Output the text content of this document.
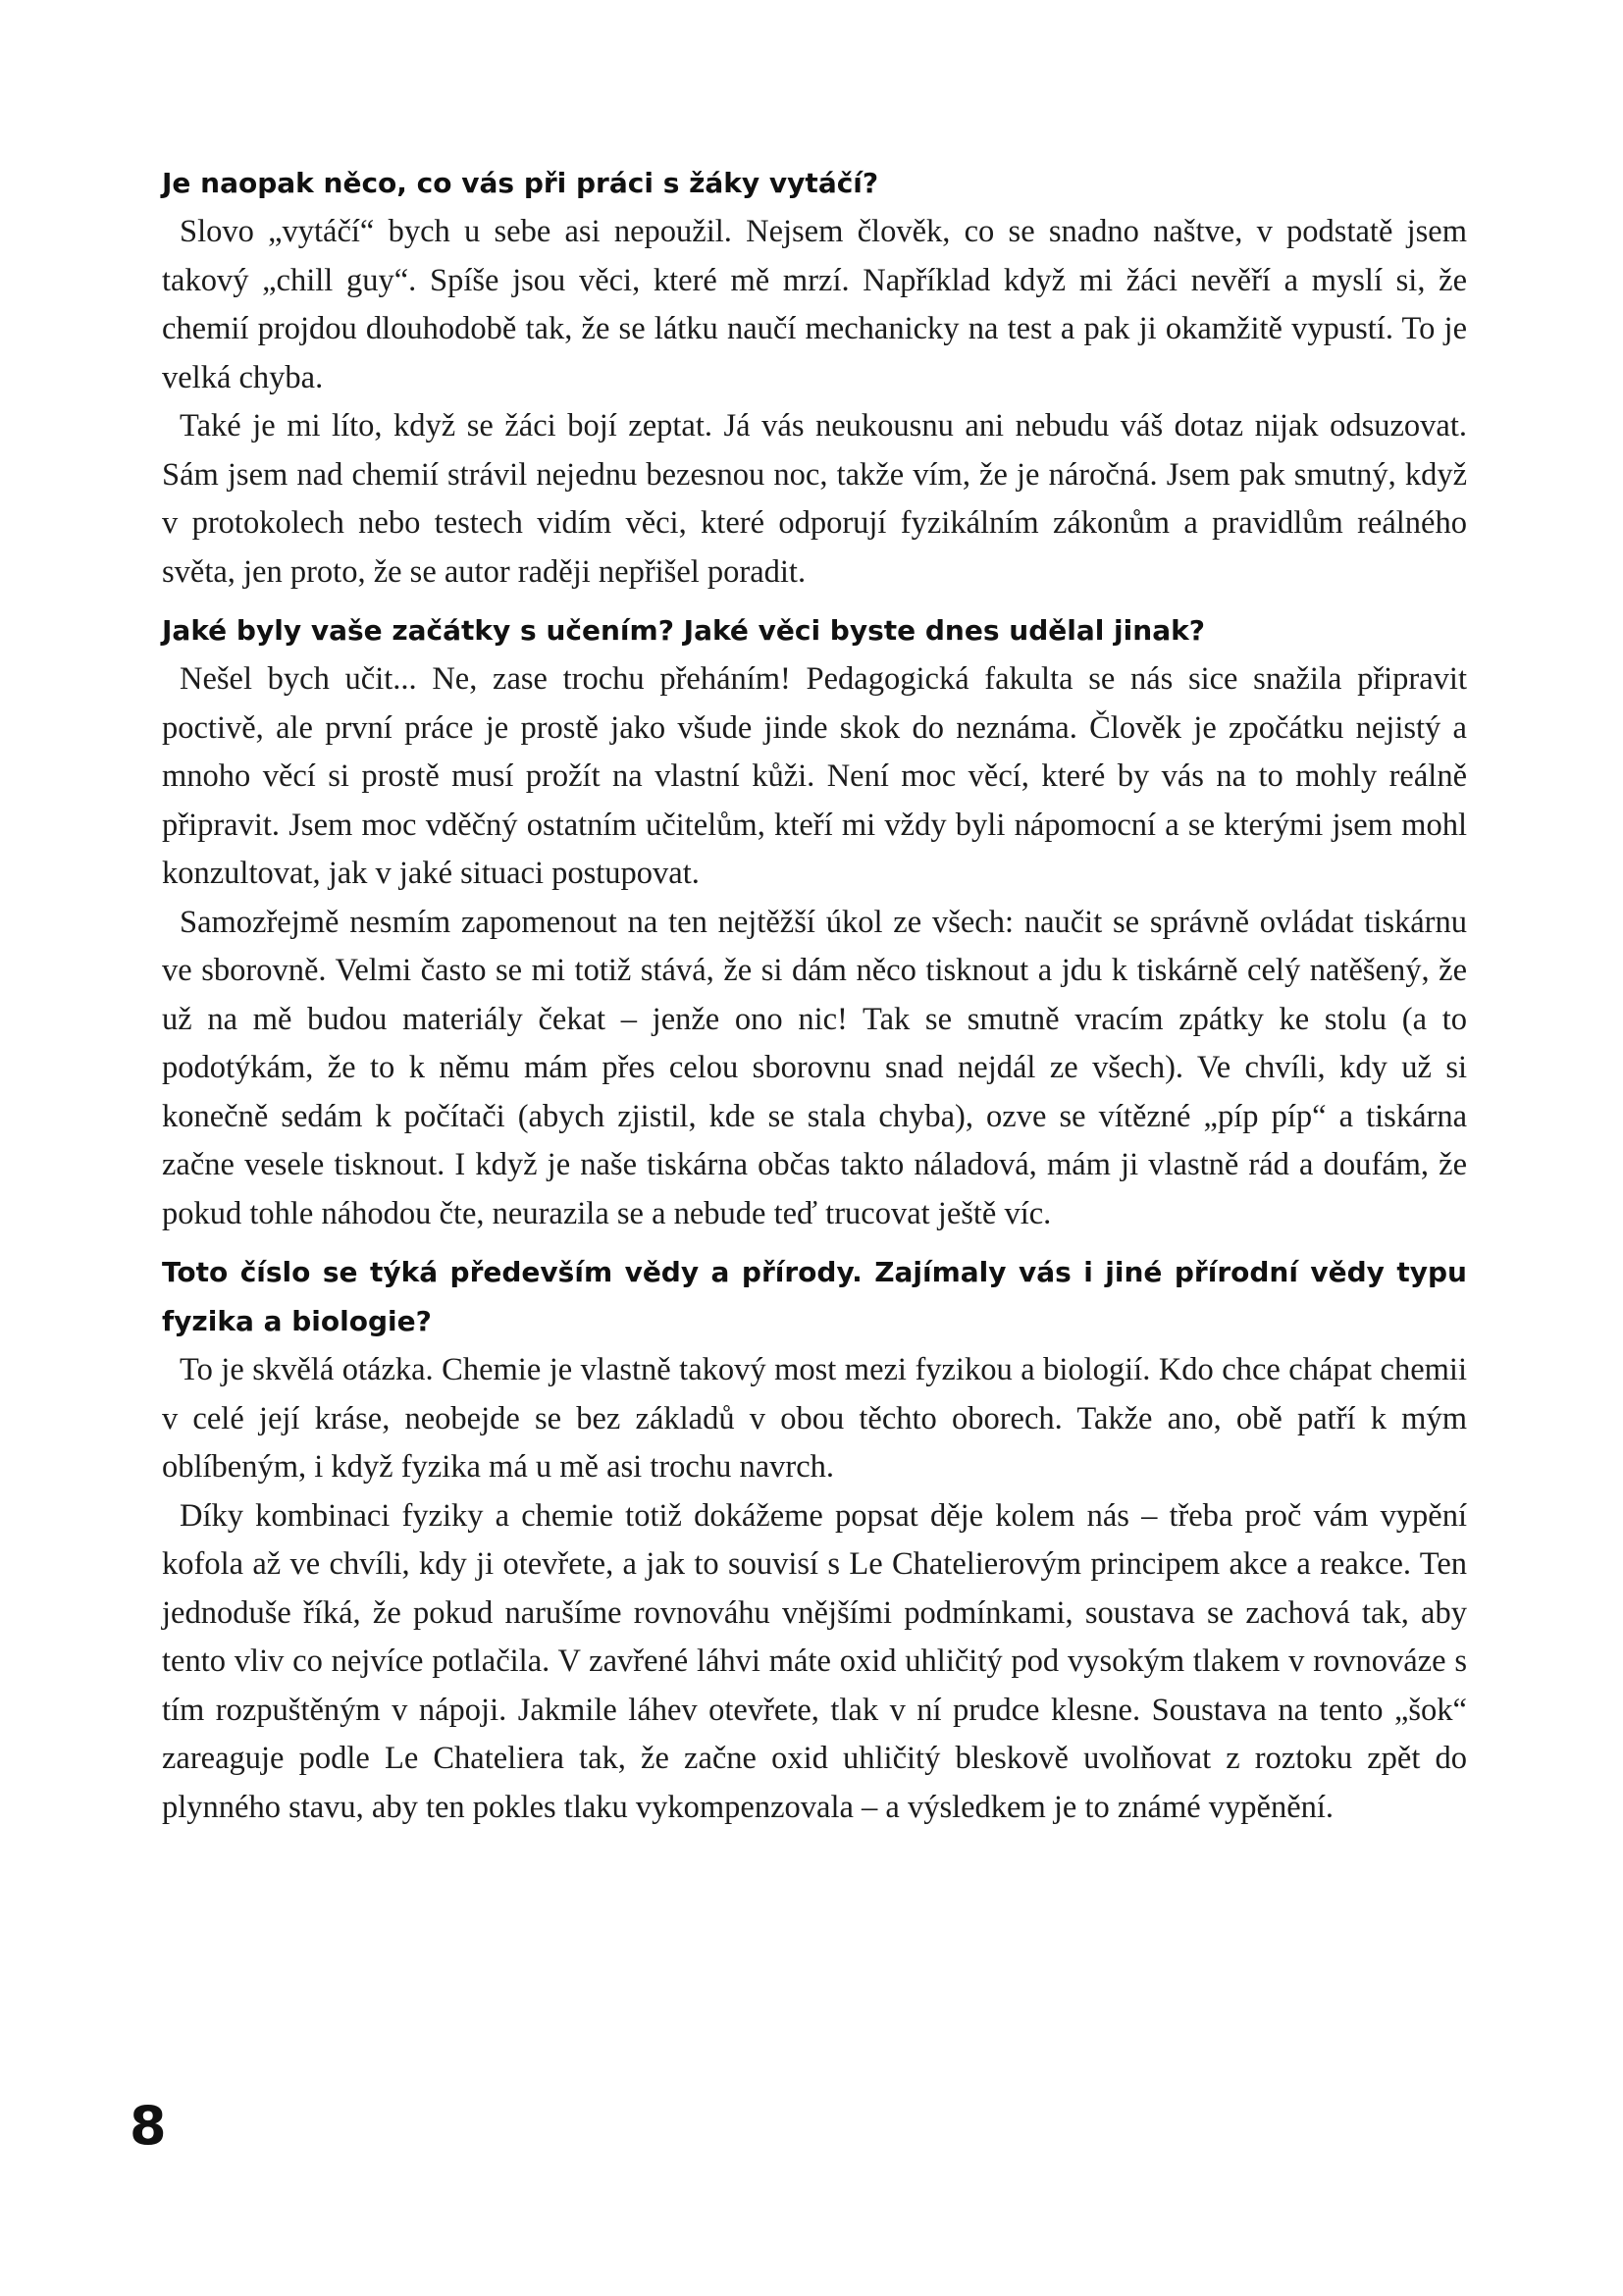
Je naopak něco, co vás při práci s žáky vytáčí?

Slovo „vytáčí“ bych u sebe asi nepoužil. Nejsem člověk, co se snadno naštve, v podstatě jsem takový „chill guy“. Spíše jsou věci, které mě mrzí. Například když mi žáci nevěří a myslí si, že chemií projdou dlouhodobě tak, že se látku naučí mechanicky na test a pak ji okamžitě vypustí. To je velká chyba.

Také je mi líto, když se žáci bojí zeptat. Já vás neukousnu ani nebudu váš dotaz nijak odsuzovat. Sám jsem nad chemií strávil nejednu bezesnou noc, takže vím, že je náročná. Jsem pak smutný, když v protokolech nebo testech vidím věci, které odporují fyzikálním zákonům a pravidlům reálného světa, jen proto, že se autor raději nepřišel poradit.

Jaké byly vaše začátky s učením? Jaké věci byste dnes udělal jinak?

Nešel bych učit... Ne, zase trochu přeháním! Pedagogická fakulta se nás sice snažila připravit poctivě, ale první práce je prostě jako všude jinde skok do neznáma. Člověk je zpočátku nejistý a mnoho věcí si prostě musí prožít na vlastní kůži. Není moc věcí, které by vás na to mohly reálně připravit. Jsem moc vděčný ostatním učitelům, kteří mi vždy byli nápomocní a se kterými jsem mohl konzultovat, jak v jaké situaci postupovat.

Samozřejmě nesmím zapomenout na ten nejtěžší úkol ze všech: naučit se správně ovládat tiskárnu ve sborovně. Velmi často se mi totiž stává, že si dám něco tisknout a jdu k tiskárně celý natěšený, že už na mě budou materiály čekat – jenže ono nic! Tak se smutně vracím zpátky ke stolu (a to podotýkám, že to k němu mám přes celou sborovnu snad nejdál ze všech). Ve chvíli, kdy už si konečně sedám k počítači (abych zjistil, kde se stala chyba), ozve se vítězné „píp píp“ a tiskárna začne vesele tisknout. I když je naše tiskárna občas takto náladová, mám ji vlastně rád a doufám, že pokud tohle náhodou čte, neurazila se a nebude teď trucovat ještě víc.

Toto číslo se týká především vědy a přírody. Zajímaly vás i jiné přírodní vědy typu fyzika a biologie?

To je skvělá otázka. Chemie je vlastně takový most mezi fyzikou a biologií. Kdo chce chápat chemii v celé její kráse, neobejde se bez základů v obou těchto oborech. Takže ano, obě patří k mým oblíbeným, i když fyzika má u mě asi trochu navrch.

Díky kombinaci fyziky a chemie totiž dokážeme popsat děje kolem nás – třeba proč vám vypění kofola až ve chvíli, kdy ji otevřete, a jak to souvisí s Le Chatelierovým principem akce a reakce. Ten jednoduše říká, že pokud narušíme rovnováhu vnějšími podmínkami, soustava se zachová tak, aby tento vliv co nejvíce potlačila. V zavřené láhvi máte oxid uhličitý pod vysokým tlakem v rovnováze s tím rozpuštěným v nápoji. Jakmile láhev otevřete, tlak v ní prudce klesne. Soustava na tento „šok“ zareaguje podle Le Chateliera tak, že začne oxid uhličitý bleskově uvolňovat z roztoku zpět do plynného stavu, aby ten pokles tlaku vykompenzovala – a výsledkem je to známé vypěnění.

8
